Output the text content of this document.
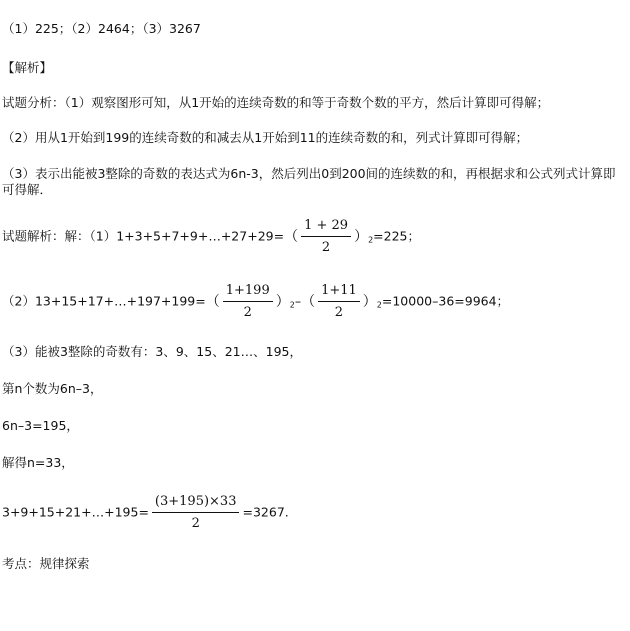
（1）225；（2）2464；（3）3267
【解析】
试题分析：（1）观察图形可知，从1开始的连续奇数的和等于奇数个数的平方，然后计算即可得解；
（2）用从1开始到199的连续奇数的和减去从1开始到11的连续奇数的和，列式计算即可得解；
（3）表示出能被3整除的奇数的表达式为6n-3，然后列出0到200间的连续数的和，再根据求和公式列式计算即可得解．
试题解析：解：（1）1+3+5+7+9+…+27+29=（ $\frac{1 + 29}{2} )_2=225$；
（2）13+15+17+…+197+199=（ $\frac{1+199}{2} )_2-( \frac{1+11}{2} )_2=10000-36=9964$；
（3）能被3整除的奇数有：3、9、15、21…、195，
第n个数为6n–3，
6n–3=195，
解得n=33，
3+9+15+21+…+195= $\frac{(3+195)\times 33}{2} =3267$.
考点：规律探索
